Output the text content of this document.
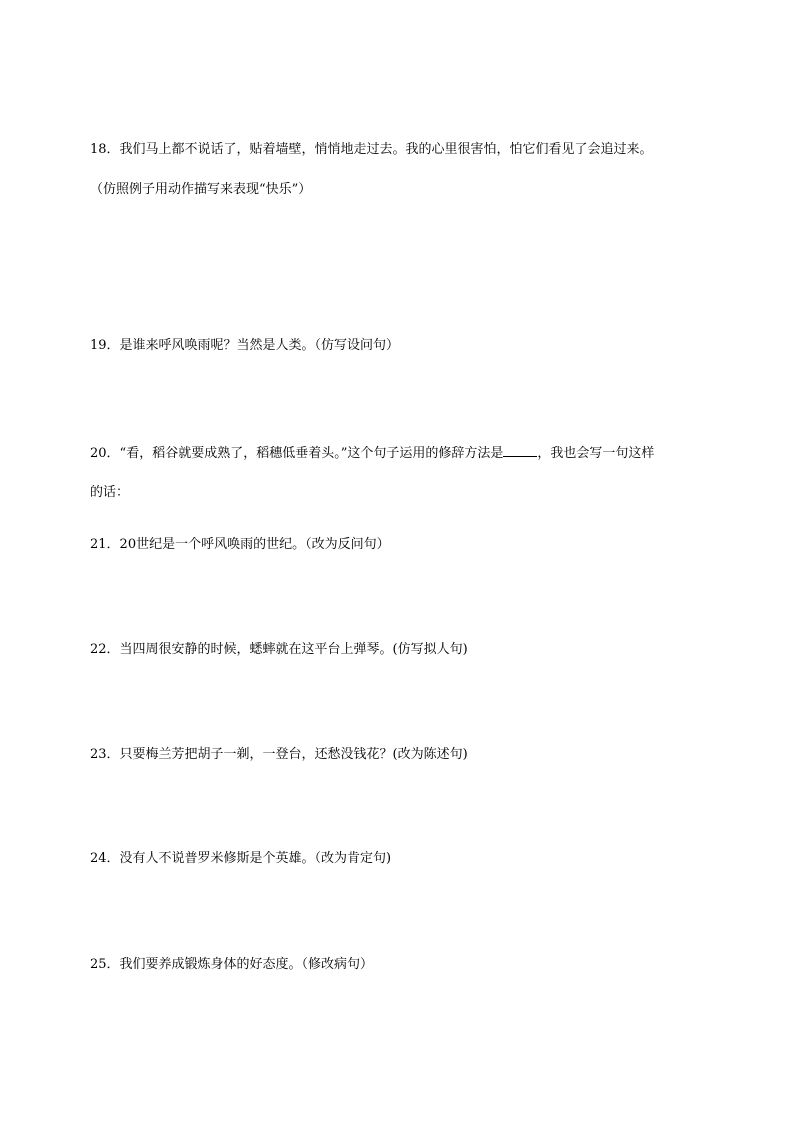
18．我们马上都不说话了，贴着墙壁，悄悄地走过去。我的心里很害怕，怕它们看见了会追过来。

（仿照例子用动作描写来表现“快乐”）

19．是谁来呼风唤雨呢？当然是人类。（仿写设问句）

20．“看，稻谷就要成熟了，稻穗低垂着头。”这个句子运用的修辞方法是	，我也会写一句这样

的话：

21．20世纪是一个呼风唤雨的世纪。（改为反问句）

22．当四周很安静的时候，蟋蟀就在这平台上弹琴。(仿写拟人句)

23．只要梅兰芳把胡子一剃，一登台，还愁没钱花？(改为陈述句)

24．没有人不说普罗米修斯是个英雄。（改为肯定句)

25．我们要养成锻炼身体的好态度。（修改病句）
